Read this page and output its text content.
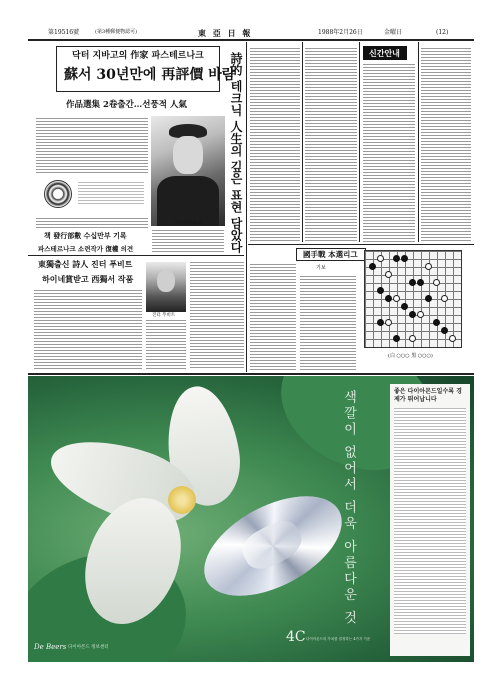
第19516號	(第3種郵便物認可)	東 亞 日 報	1988年2月26日	金曜日	(12)
닥터 지바고의 作家 파스테르나크
蘇서 30년만에 再評價 바람
作品選集 2卷출간…선풍적 人氣
책 發行部數 수십만부 기록
파스테르나크 소련작가 復權 의견
파스테르나크 詩的 테크닉 人生의 깊은 표현 담았다
東獨출신 詩人 진터 푸비트
하이네賞받고 西獨서 작품
진터 푸비트
신간안내
國手戰 本選리그
기보
(白 ○○○ 黑 ○○○)
색깔이 없어서 더욱 아름다운 것	좋은 다이아몬드일수록 경제가 뛰어납니다
De Beers 다이아몬드 정보센터
4C 다이아몬드의 가치를 결정하는 4가지 기준
